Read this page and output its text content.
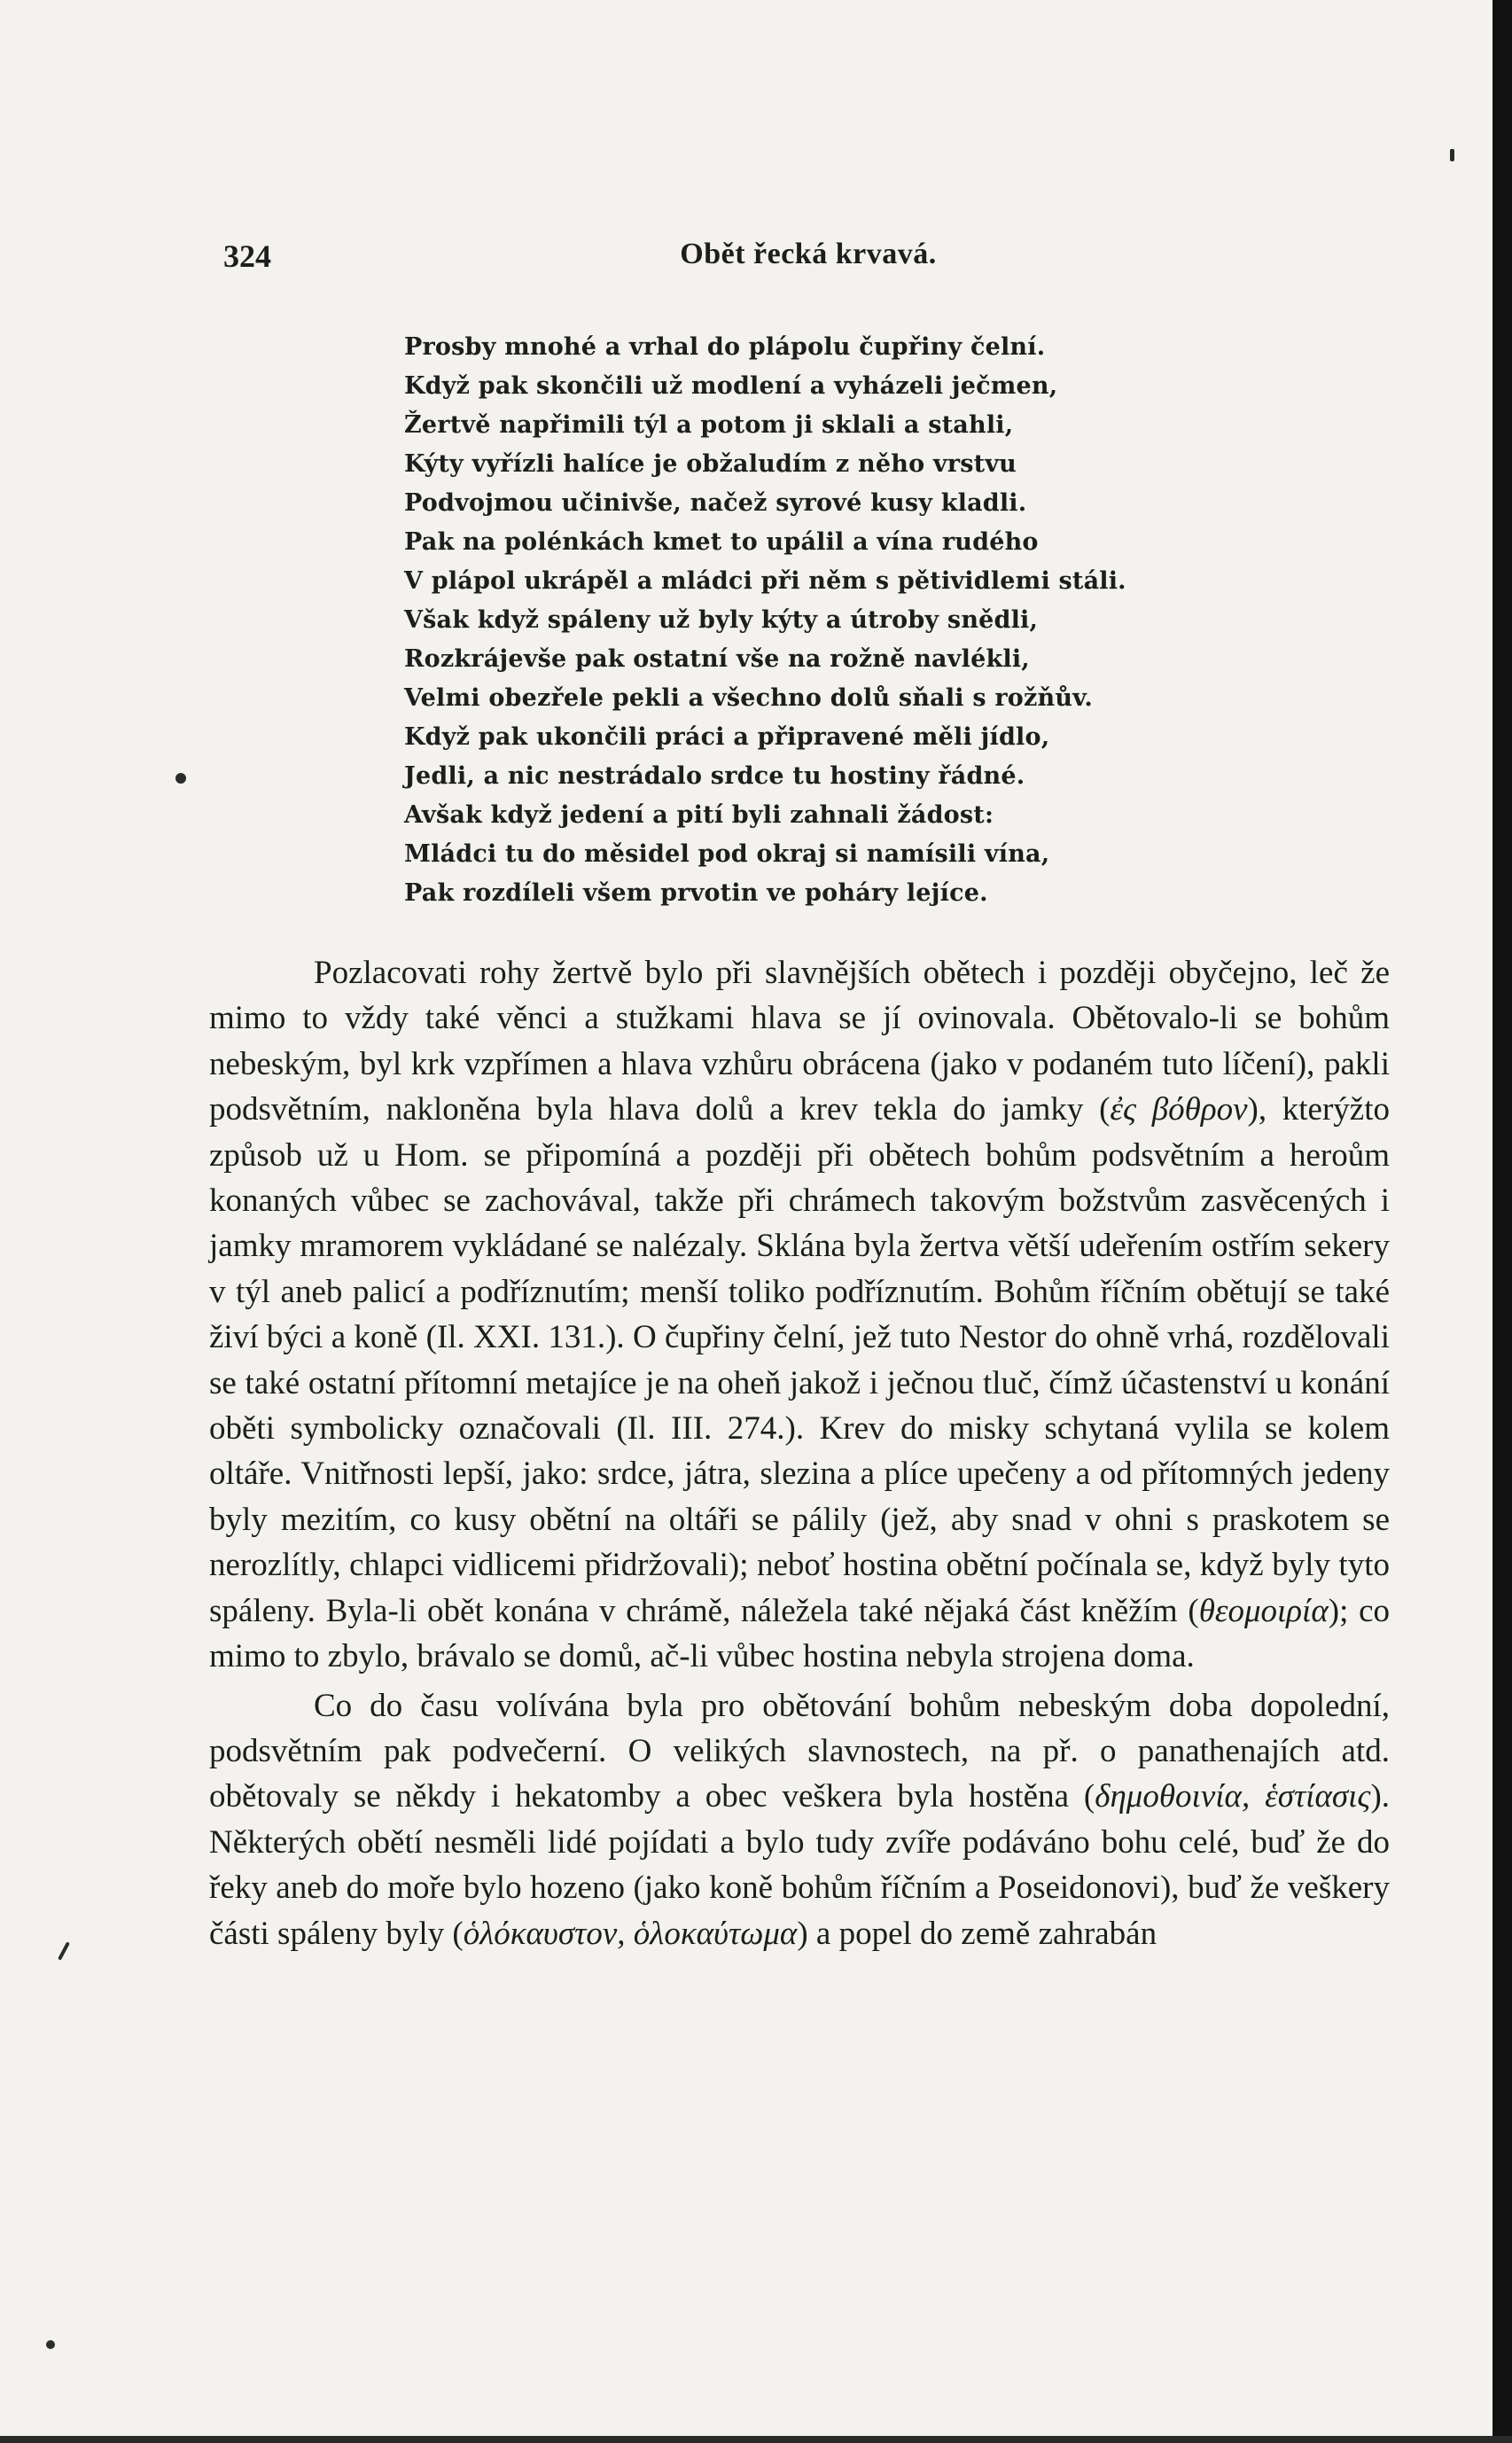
324	Obět řecká krvavá.
Prosby mnohé a vrhal do plápolu čupřiny čelní.
Když pak skončili už modlení a vyházeli ječmen,
Žertvě napřimili týl a potom ji sklali a stahli,
Kýty vyřízli halíce je obžaludím z něho vrstvu
Podvojmou učinivše, načež syrové kusy kladli.
Pak na polénkách kmet to upálil a vína rudého
V plápol ukrápěl a mládci při něm s pětividlemi stáli.
Však když spáleny už byly kýty a útroby snědli,
Rozkrájevše pak ostatní vše na rožně navlékli,
Velmi obezřele pekli a všechno dolů sňali s rožňův.
Když pak ukončili práci a připravené měli jídlo,
Jedli, a nic nestrádalo srdce tu hostiny řádné.
Avšak když jedení a pití byli zahnali žádost:
Mládci tu do měsidel pod okraj si namísili vína,
Pak rozdíleli všem prvotin ve poháry lejíce.

Pozlacovati rohy žertvě bylo při slavnějších obětech i později obyčejno, leč že mimo to vždy také věnci a stužkami hlava se jí ovinovala. Obětovalo-li se bohům nebeským, byl krk vzpřímen a hlava vzhůru obrácena (jako v podaném tuto líčení), pakli podsvětním, nakloněna byla hlava dolů a krev tekla do jamky (ἐς βόθρον), kterýžto způsob už u Hom. se připomíná a později při obětech bohům podsvětním a heroům konaných vůbec se zachovával, takže při chrámech takovým božstvům zasvěcených i jamky mramorem vykládané se nalézaly. Sklána byla žertva větší udeřením ostřím sekery v týl aneb palicí a podříznutím; menší toliko podříznutím. Bohům říčním obětují se také živí býci a koně (Il. XXI. 131.). O čupřiny čelní, jež tuto Nestor do ohně vrhá, rozdělovali se také ostatní přítomní metajíce je na oheň jakož i ječnou tluč, čímž účastenství u konání oběti symbolicky označovali (Il. III. 274.). Krev do misky schytaná vylila se kolem oltáře. Vnitřnosti lepší, jako: srdce, játra, slezina a plíce upečeny a od přítomných jedeny byly mezitím, co kusy obětní na oltáři se pálily (jež, aby snad v ohni s praskotem se nerozlítly, chlapci vidlicemi přidržovali); neboť hostina obětní počínala se, když byly tyto spáleny. Byla-li obět konána v chrámě, náležela také nějaká část kněžím (θεομοιρία); co mimo to zbylo, brávalo se domů, ač-li vůbec hostina nebyla strojena doma.

Co do času volívána byla pro obětování bohům nebeským doba dopolední, podsvětním pak podvečerní. O velikých slavnostech, na př. o panathenajích atd. obětovaly se někdy i hekatomby a obec veškera byla hostěna (δημοθοινία, ἑστίασις). Některých obětí nesměli lidé pojídati a bylo tudy zvíře podáváno bohu celé, buď že do řeky aneb do moře bylo hozeno (jako koně bohům říčním a Poseidonovi), buď že veškery části spáleny byly (ὁλόκαυστον, ὁλοκαύτωμα) a popel do země zahrabán
